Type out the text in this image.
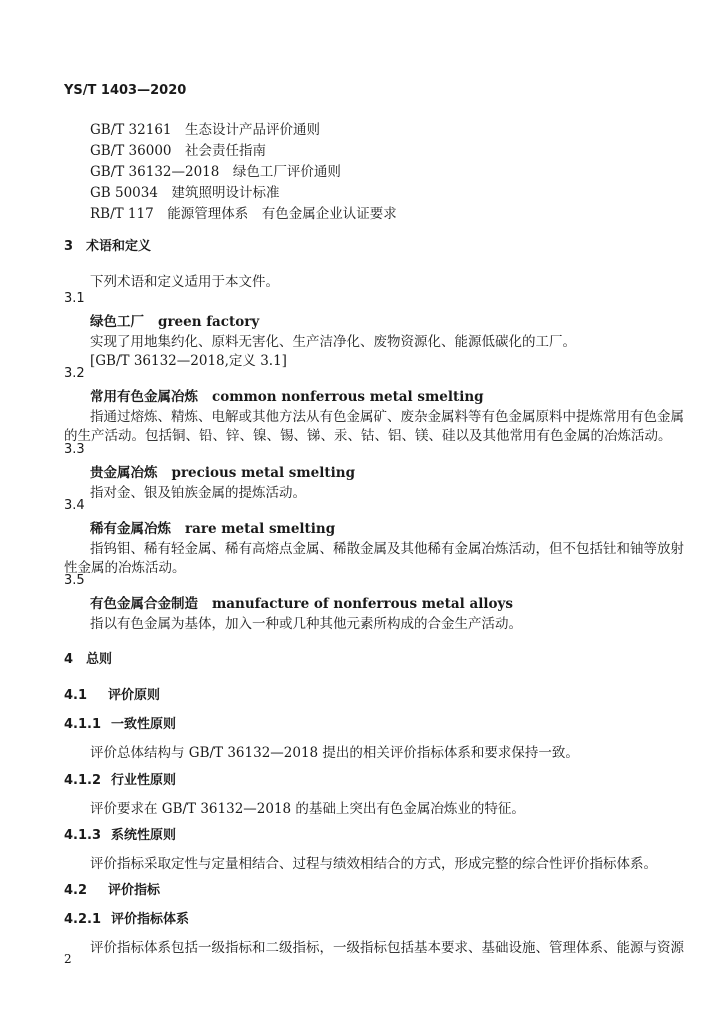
YS/T 1403—2020
GB/T 32161　生态设计产品评价通则
GB/T 36000　社会责任指南
GB/T 36132—2018　绿色工厂评价通则
GB 50034　建筑照明设计标准
RB/T 117　能源管理体系　有色金属企业认证要求
3 术语和定义
下列术语和定义适用于本文件。
3.1
绿色工厂 green factory
实现了用地集约化、原料无害化、生产洁净化、废物资源化、能源低碳化的工厂。
[GB/T 36132—2018,定义 3.1]
3.2
常用有色金属冶炼 common nonferrous metal smelting
指通过熔炼、精炼、电解或其他方法从有色金属矿、废杂金属料等有色金属原料中提炼常用有色金属
的生产活动。包括铜、铅、锌、镍、锡、锑、汞、钴、铝、镁、硅以及其他常用有色金属的冶炼活动。
3.3
贵金属冶炼 precious metal smelting
指对金、银及铂族金属的提炼活动。
3.4
稀有金属冶炼 rare metal smelting
指钨钼、稀有轻金属、稀有高熔点金属、稀散金属及其他稀有金属冶炼活动，但不包括钍和铀等放射
性金属的冶炼活动。
3.5
有色金属合金制造 manufacture of nonferrous metal alloys
指以有色金属为基体，加入一种或几种其他元素所构成的合金生产活动。
4 总则
4.1 评价原则
4.1.1 一致性原则
评价总体结构与 GB/T 36132—2018 提出的相关评价指标体系和要求保持一致。
4.1.2 行业性原则
评价要求在 GB/T 36132—2018 的基础上突出有色金属冶炼业的特征。
4.1.3 系统性原则
评价指标采取定性与定量相结合、过程与绩效相结合的方式，形成完整的综合性评价指标体系。
4.2 评价指标
4.2.1 评价指标体系
评价指标体系包括一级指标和二级指标，一级指标包括基本要求、基础设施、管理体系、能源与资源
2
